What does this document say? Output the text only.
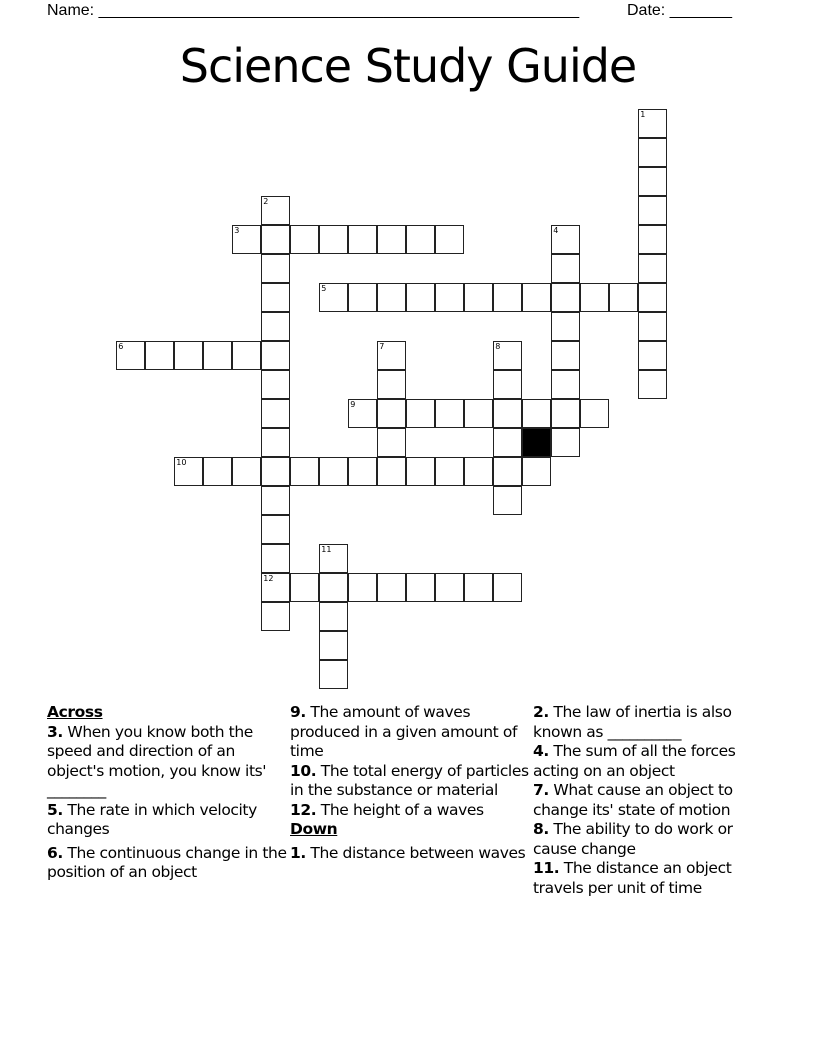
Name: ______________________________________________________	Date: _______
Science Study Guide
1
2
12
3	4
5
6	7	8
9
10
11
Across
3. When you know both the speed and direction of an object's motion, you know its' ________
5. The rate in which velocity changes
6. The continuous change in the position of an object
9. The amount of waves produced in a given amount of time
10. The total energy of particles in the substance or material
12. The height of a waves
Down
1. The distance between waves
2. The law of inertia is also known as __________
4. The sum of all the forces acting on an object
7. What cause an object to change its' state of motion
8. The ability to do work or cause change
11. The distance an object travels per unit of time
